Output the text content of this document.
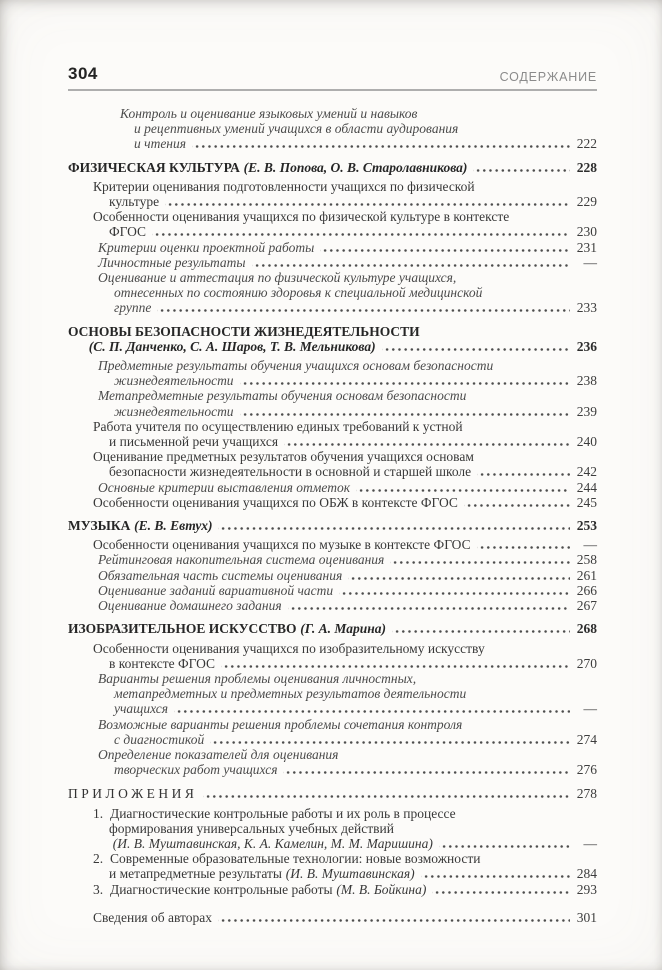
304	СОДЕРЖАНИЕ
Контроль и оценивание языковых умений и навыков
и рецептивных умений учащихся в области аудирования
и чтения	222
ФИЗИЧЕСКАЯ КУЛЬТУРА (Е. В. Попова, О. В. Старолавникова)	228
Критерии оценивания подготовленности учащихся по физической
культуре	229
Особенности оценивания учащихся по физической культуре в контексте
ФГОС	230
Критерии оценки проектной работы	231
Личностные результаты	—
Оценивание и аттестация по физической культуре учащихся,
отнесенных по состоянию здоровья к специальной медицинской
группе	233
ОСНОВЫ БЕЗОПАСНОСТИ ЖИЗНЕДЕЯТЕЛЬНОСТИ
(С. П. Данченко, С. А. Шаров, Т. В. Мельникова)	236
Предметные результаты обучения учащихся основам безопасности
жизнедеятельности	238
Метапредметные результаты обучения основам безопасности
жизнедеятельности	239
Работа учителя по осуществлению единых требований к устной
и письменной речи учащихся	240
Оценивание предметных результатов обучения учащихся основам
безопасности жизнедеятельности в основной и старшей школе	242
Основные критерии выставления отметок	244
Особенности оценивания учащихся по ОБЖ в контексте ФГОС	245
МУЗЫКА (Е. В. Евтух)	253
Особенности оценивания учащихся по музыке в контексте ФГОС	—
Рейтинговая накопительная система оценивания	258
Обязательная часть системы оценивания	261
Оценивание заданий вариативной части	266
Оценивание домашнего задания	267
ИЗОБРАЗИТЕЛЬНОЕ ИСКУССТВО (Г. А. Марина)	268
Особенности оценивания учащихся по изобразительному искусству
в контексте ФГОС	270
Варианты решения проблемы оценивания личностных,
метапредметных и предметных результатов деятельности
учащихся	—
Возможные варианты решения проблемы сочетания контроля
с диагностикой	274
Определение показателей для оценивания
творческих работ учащихся	276
ПРИЛОЖЕНИЯ	278
1. Диагностические контрольные работы и их роль в процессе
формирования универсальных учебных действий
(И. В. Муштавинская, К. А. Камелин, М. М. Маришина)	—
2. Современные образовательные технологии: новые возможности
и метапредметные результаты (И. В. Муштавинская)	284
3. Диагностические контрольные работы (М. В. Бойкина)	293
Сведения об авторах	301
